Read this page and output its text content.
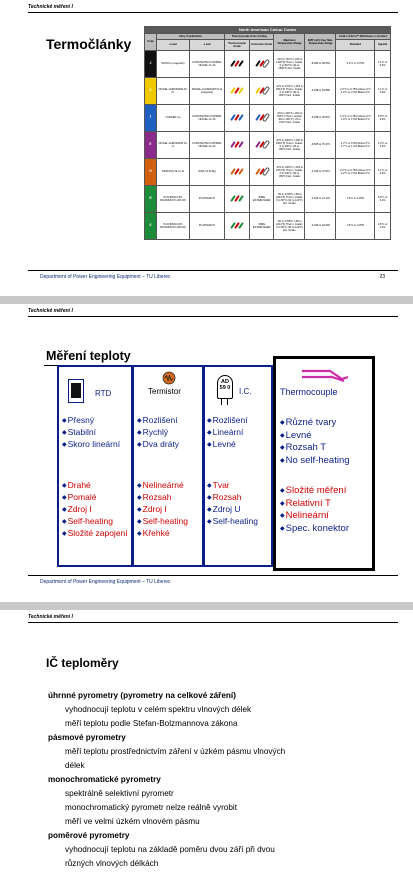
Technické měření I
Termočlánky
North American Colour Codes								
Code	Alloy Combination		Thermocouple Color Coding		Maximum Temperature Range	EMF (mV) Over Max. Temperature Range	Limits of Error** (Whichever is Greater)	
	+Lead	-Lead	Thermocouple Grade	Extension Grade			Standard	Special
J	IRON Fe (magnetic)	CONSTANTAN COPPER-NICKEL Cu-Ni			-210 to 760°C (-346 to 1400°F) Therm. Grade: 0 to 816°C (32 to 1500°F) Ext. Grade	-8.095 to 69.553	2.2°C or 0.75%	1.1°C or 0.4%
K	NICKEL-CHROMIUM Ni-Cr	NICKEL-ALUMINUM Ni-Al (magnetic)			-270 to 1372°C (-454 to 2501°F) Therm. Grade: 0 to 200°C (32 to 392°F) Ext. Grade	-6.458 to 54.886	2.2°C or 0.75% Above 0°C 2.2°C or 2.0% Below 0°C	1.1°C or 0.4%
T	COPPER Cu	CONSTANTAN COPPER-NICKEL Cu-Ni			-270 to 400°C (-454 to 752°F) Therm. Grade: -60 to 100°C (-76 to 212°F) Ext. Grade	-6.258 to 20.872	1.0°C or 0.75% Above 0°C 1.0°C or 1.5% Below 0°C	0.5°C or 0.4%
E	NICKEL-CHROMIUM Ni-Cr	CONSTANTAN COPPER-NICKEL Cu-Ni			-270 to 1000°C (-454 to 1832°F) Therm. Grade: 0 to 200°C (32 to 392°F) Ext. Grade	-9.835 to 76.373	1.7°C or 0.5% Above 0°C 1.7°C or 1.0% Below 0°C	1.0°C or 0.4%
N	NICROSIL Ni-Cr-Si	NISIL Ni-Si-Mg			-270 to 1300°C (-454 to 2372°F) Therm. Grade: 0 to 200°C (32 to 392°F) Ext. Grade	-4.345 to 47.513	2.2°C or 0.75% Above 0°C 2.2°C or 2.0% Below 0°C	1.1°C or 0.4%
R	PLATINUM 13% RHODIUM Pt-13% Rh	PLATINUM Pt		WIRE ESTABLISHED	-50 to 1768°C (-58 to 3214°F) Therm. Grade: 0 to 50°C (32 to 122°F) Ext. Grade	-0.226 to 21.101	1.5°C or 0.25%	0.6°C or 0.1%
S	PLATINUM 10% RHODIUM Pt-10% Rh	PLATINUM Pt		WIRE ESTABLISHED	-50 to 1768°C (-58 to 3214°F) Therm. Grade: 0 to 50°C (32 to 122°F) Ext. Grade	-0.236 to 18.693	1.5°C or 0.25%	0.6°C or 0.1%
Department of Power Engineering Equipment – TU Liberec	23
Technické měření I
Měření teploty
RTD
◆ Přesný
◆ Stabilní
◆ Skoro lineární
◆ Drahé
◆ Pomalé
◆ Zdroj I
◆ Self-heating
◆ Složité zapojení
Termistor
◆ Rozlišení
◆ Rychlý
◆ Dva dráty
◆ Nelineárné
◆ Rozsah
◆ Zdroj I
◆ Self-heating
◆ Křehké
AD 59 0 I.C.
◆ Rozlišení
◆ Lineární
◆ Levné
◆ Tvar
◆ Rozsah
◆ Zdroj U
◆ Self-heating
Thermocouple
◆ Různé tvary
◆ Levné
◆ Rozsah T
◆ No self-heating
◆ Složité měření
◆ Relativní T
◆ Nelineární
◆ Spec. konektor
Department of Power Engineering Equipment – TU Liberec
Technické měření I
IČ teploměry

úhrnné pyrometry (pyrometry na celkové záření)

vyhodnocují teplotu v celém spektru vlnových délek

měří teplotu podle Stefan-Bolzmannova zákona

pásmové pyrometry

měří teplotu prostřednictvím záření v úzkém pásmu vlnových

délek

monochromatické pyrometry

spektrálně selektivní pyrometr

monochromatický pyrometr nelze reálně vyrobit

měří ve velmi úzkém vlnovém pásmu

poměrové pyrometry

vyhodnocují teplotu na základě poměru dvou září při dvou

různých vlnových délkách
